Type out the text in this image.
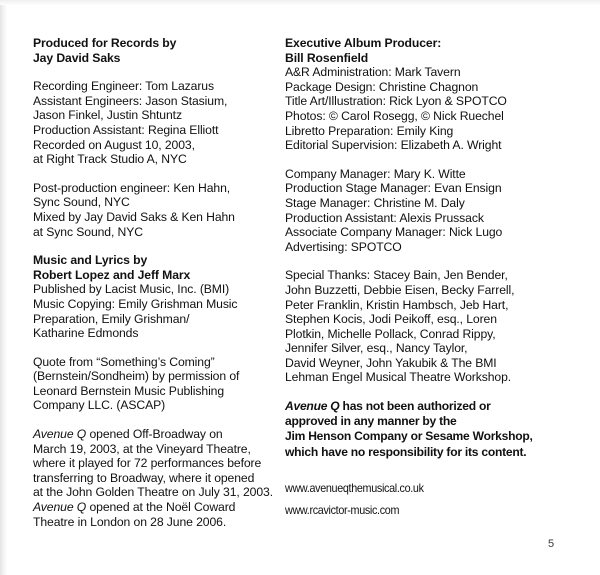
Produced for Records by
Jay David Saks
Recording Engineer: Tom Lazarus
Assistant Engineers: Jason Stasium,
Jason Finkel, Justin Shtuntz
Production Assistant: Regina Elliott
Recorded on August 10, 2003,
at Right Track Studio A, NYC
Post-production engineer: Ken Hahn,
Sync Sound, NYC
Mixed by Jay David Saks & Ken Hahn
at Sync Sound, NYC
Music and Lyrics by
Robert Lopez and Jeff Marx
Published by Lacist Music, Inc. (BMI)
Music Copying: Emily Grishman Music
Preparation, Emily Grishman/
Katharine Edmonds
Quote from “Something’s Coming”
(Bernstein/Sondheim) by permission of
Leonard Bernstein Music Publishing
Company LLC. (ASCAP)
Avenue Q opened Off-Broadway on
March 19, 2003, at the Vineyard Theatre,
where it played for 72 performances before
transferring to Broadway, where it opened
at the John Golden Theatre on July 31, 2003.
Avenue Q opened at the Noël Coward
Theatre in London on 28 June 2006.
Executive Album Producer:
Bill Rosenfield
A&R Administration: Mark Tavern
Package Design: Christine Chagnon
Title Art/Illustration: Rick Lyon & SPOTCO
Photos: © Carol Rosegg, © Nick Ruechel
Libretto Preparation: Emily King
Editorial Supervision: Elizabeth A. Wright
Company Manager: Mary K. Witte
Production Stage Manager: Evan Ensign
Stage Manager: Christine M. Daly
Production Assistant: Alexis Prussack
Associate Company Manager: Nick Lugo
Advertising: SPOTCO
Special Thanks: Stacey Bain, Jen Bender,
John Buzzetti, Debbie Eisen, Becky Farrell,
Peter Franklin, Kristin Hambsch, Jeb Hart,
Stephen Kocis, Jodi Peikoff, esq., Loren
Plotkin, Michelle Pollack, Conrad Rippy,
Jennifer Silver, esq., Nancy Taylor,
David Weyner, John Yakubik & The BMI
Lehman Engel Musical Theatre Workshop.
Avenue Q has not been authorized or
approved in any manner by the
Jim Henson Company or Sesame Workshop,
which have no responsibility for its content.
www.avenueqthemusical.co.uk
www.rcavictor-music.com
5
